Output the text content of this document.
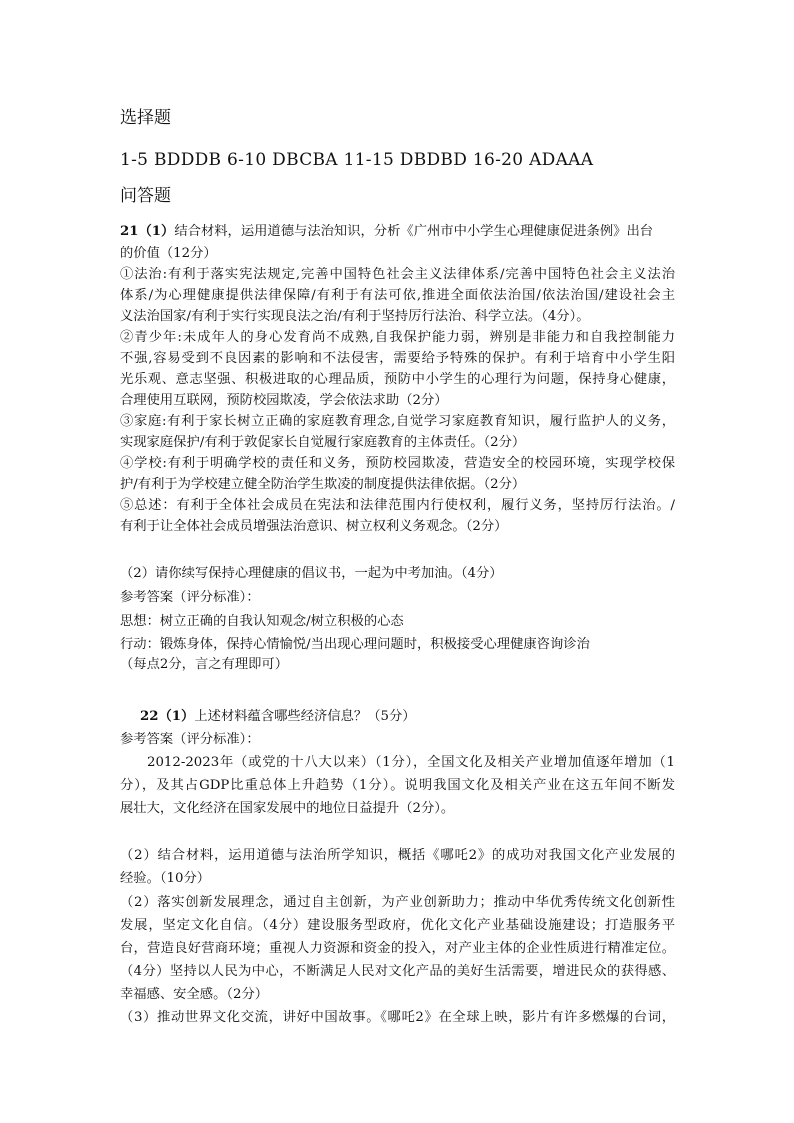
选择题
1-5 BDDDB 6-10 DBCBA 11-15 DBDBD 16-20 ADAAA
问答题
21（1）结合材料，运用道德与法治知识，分析《广州市中小学生心理健康促进条例》出台
的价值（12分）
①法治:有利于落实宪法规定,完善中国特色社会主义法律体系/完善中国特色社会主义法治
体系/为心理健康提供法律保障/有利于有法可依,推进全面依法治国/依法治国/建设社会主
义法治国家/有利于实行实现良法之治/有利于坚持厉行法治、科学立法。（4分）。
②青少年:未成年人的身心发育尚不成熟,自我保护能力弱，辨别是非能力和自我控制能力
不强,容易受到不良因素的影响和不法侵害，需要给予特殊的保护。有利于培育中小学生阳
光乐观、意志坚强、积极进取的心理品质，预防中小学生的心理行为问题，保持身心健康，
合理使用互联网，预防校园欺凌，学会依法求助（2分）
③家庭:有利于家长树立正确的家庭教育理念,自觉学习家庭教育知识，履行监护人的义务，
实现家庭保护/有利于敦促家长自觉履行家庭教育的主体责任。（2分）
④学校:有利于明确学校的责任和义务，预防校园欺凌，营造安全的校园环境，实现学校保
护/有利于为学校建立健全防治学生欺凌的制度提供法律依据。（2分）
⑤总述：有利于全体社会成员在宪法和法律范围内行使权利，履行义务，坚持厉行法治。/
有利于让全体社会成员增强法治意识、树立权利义务观念。（2分）
（2）请你续写保持心理健康的倡议书，一起为中考加油。（4分）
参考答案（评分标准）：
思想：树立正确的自我认知观念/树立积极的心态
行动：锻炼身体，保持心情愉悦/当出现心理问题时，积极接受心理健康咨询诊治
（每点2分，言之有理即可）
22（1）上述材料蕴含哪些经济信息？（5分）
参考答案（评分标准）：
2012-2023年（或党的十八大以来）（1分），全国文化及相关产业增加值逐年增加（1
分），及其占GDP比重总体上升趋势（1分）。说明我国文化及相关产业在这五年间不断发
展壮大，文化经济在国家发展中的地位日益提升（2分）。
（2）结合材料，运用道德与法治所学知识，概括《哪吒2》的成功对我国文化产业发展的
经验。（10分）
（2）落实创新发展理念，通过自主创新，为产业创新助力；推动中华优秀传统文化创新性
发展，坚定文化自信。（4分）建设服务型政府，优化文化产业基础设施建设；打造服务平
台，营造良好营商环境；重视人力资源和资金的投入，对产业主体的企业性质进行精准定位。
（4分）坚持以人民为中心，不断满足人民对文化产品的美好生活需要，增进民众的获得感、
幸福感、安全感。（2分）
（3）推动世界文化交流，讲好中国故事。《哪吒2》在全球上映，影片有许多燃爆的台词，
